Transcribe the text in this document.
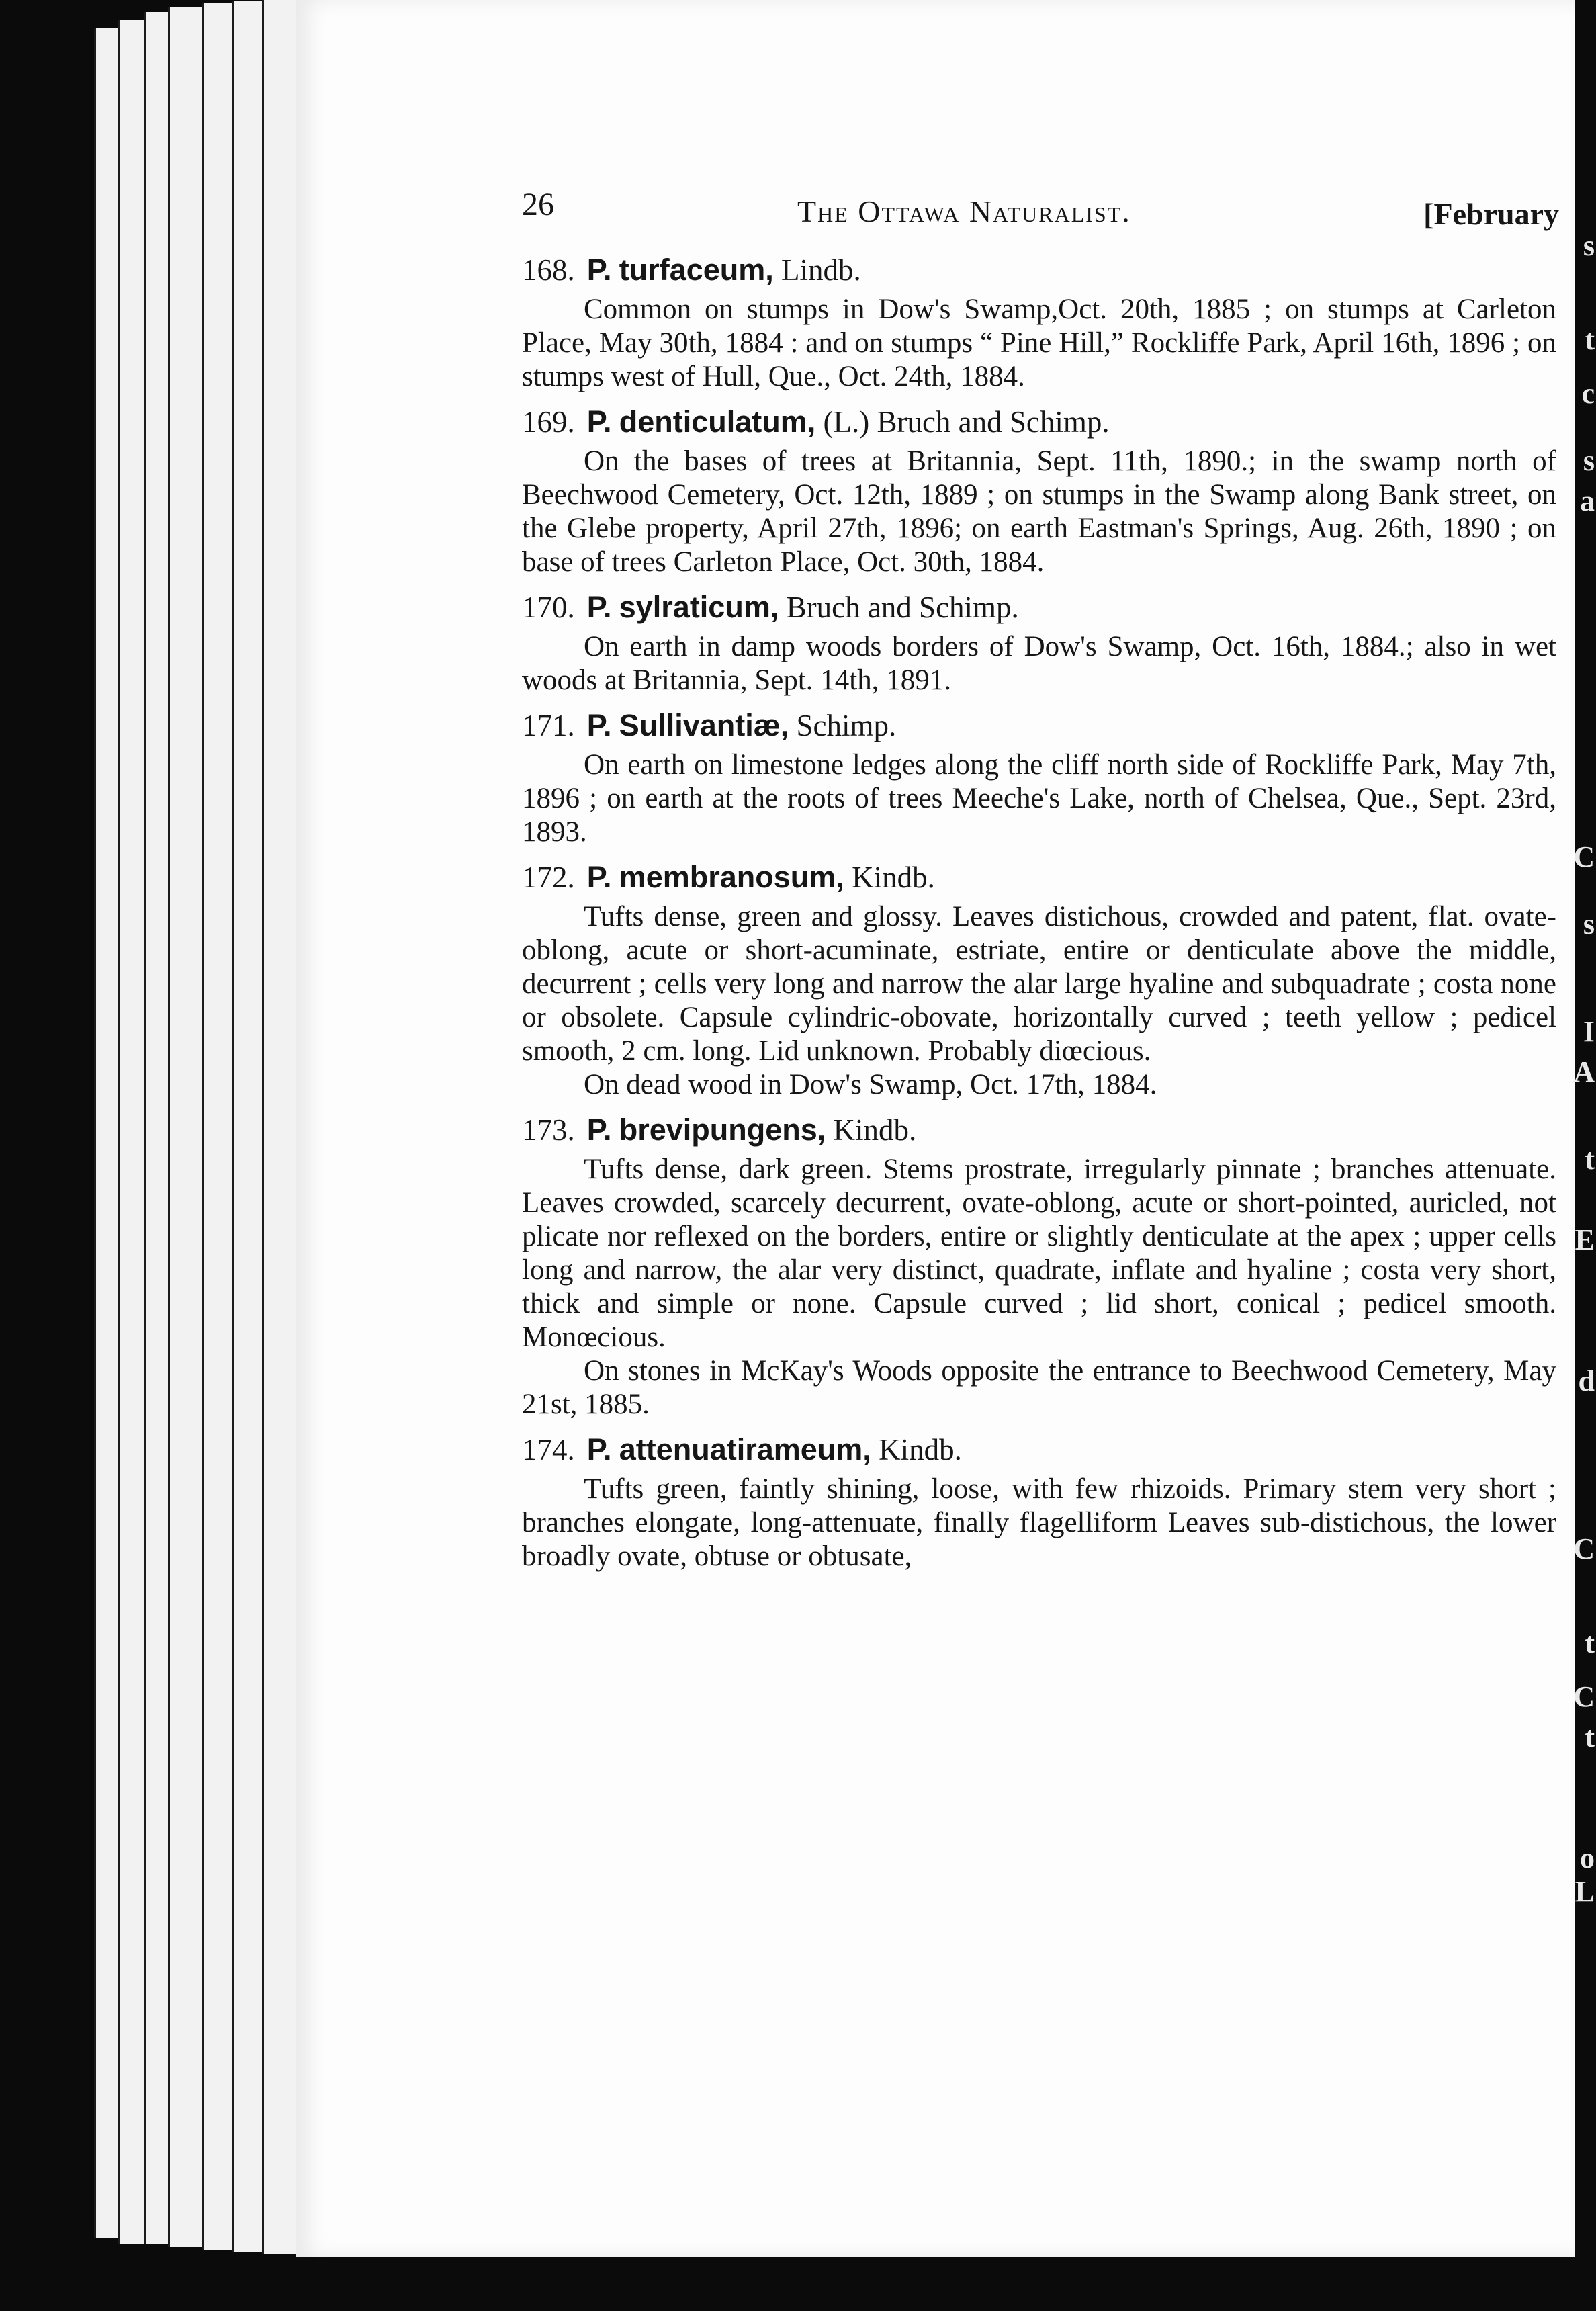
s
t
c
s
a
C
s
I
A
t
E
d
C
t
C
t
o
L
26	The Ottawa Naturalist.	[February
168. P. turfaceum, Lindb.

Common on stumps in Dow's Swamp,Oct. 20th, 1885 ; on stumps at Carleton Place, May 30th, 1884 : and on stumps “ Pine Hill,” Rockliffe Park, April 16th, 1896 ; on stumps west of Hull, Que., Oct. 24th, 1884.

169. P. denticulatum, (L.) Bruch and Schimp.

On the bases of trees at Britannia, Sept. 11th, 1890.; in the swamp north of Beechwood Cemetery, Oct. 12th, 1889 ; on stumps in the Swamp along Bank street, on the Glebe property, April 27th, 1896; on earth Eastman's Springs, Aug. 26th, 1890 ; on base of trees Carleton Place, Oct. 30th, 1884.

170. P. sylraticum, Bruch and Schimp.

On earth in damp woods borders of Dow's Swamp, Oct. 16th, 1884.; also in wet woods at Britannia, Sept. 14th, 1891.

171. P. Sullivantiæ, Schimp.

On earth on limestone ledges along the cliff north side of Rockliffe Park, May 7th, 1896 ; on earth at the roots of trees Meeche's Lake, north of Chelsea, Que., Sept. 23rd, 1893.

172. P. membranosum, Kindb.

Tufts dense, green and glossy. Leaves distichous, crowded and patent, flat. ovate-oblong, acute or short-acuminate, estriate, entire or denticulate above the middle, decurrent ; cells very long and narrow the alar large hyaline and subquadrate ; costa none or obsolete. Capsule cylindric-obovate, horizontally curved ; teeth yellow ; pedicel smooth, 2 cm. long. Lid unknown. Probably diœcious.

On dead wood in Dow's Swamp, Oct. 17th, 1884.

173. P. brevipungens, Kindb.

Tufts dense, dark green. Stems prostrate, irregularly pinnate ; branches attenuate. Leaves crowded, scarcely decurrent, ovate-oblong, acute or short-pointed, auricled, not plicate nor reflexed on the borders, entire or slightly denticulate at the apex ; upper cells long and narrow, the alar very distinct, quadrate, inflate and hyaline ; costa very short, thick and simple or none. Capsule curved ; lid short, conical ; pedicel smooth. Monœcious.

On stones in McKay's Woods opposite the entrance to Beechwood Cemetery, May 21st, 1885.

174. P. attenuatirameum, Kindb.

Tufts green, faintly shining, loose, with few rhizoids. Primary stem very short ; branches elongate, long-attenuate, finally flagelliform Leaves sub-distichous, the lower broadly ovate, obtuse or obtusate,
